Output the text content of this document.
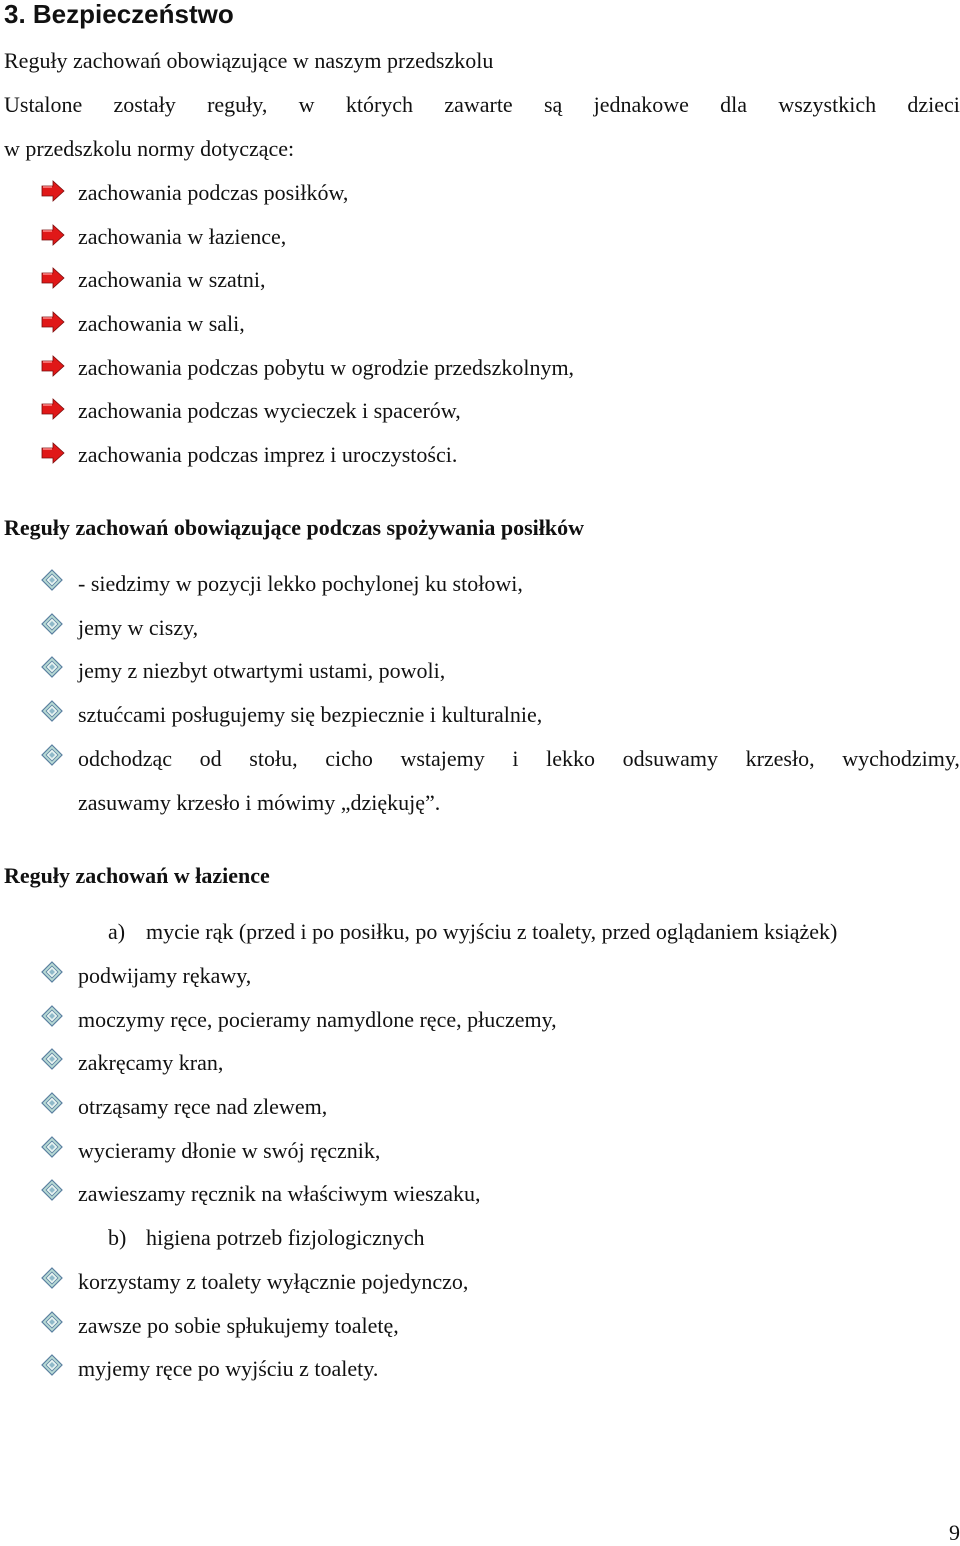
3. Bezpieczeństwo
Reguły zachowań obowiązujące w naszym przedszkolu
Ustalone zostały reguły, w których zawarte są jednakowe dla wszystkich dzieci
w przedszkolu normy dotyczące:
zachowania podczas posiłków,
zachowania w łazience,
zachowania w szatni,
zachowania w sali,
zachowania podczas pobytu w ogrodzie przedszkolnym,
zachowania podczas wycieczek i spacerów,
zachowania podczas imprez i uroczystości.
Reguły zachowań obowiązujące podczas spożywania posiłków
- siedzimy w pozycji lekko pochylonej ku stołowi,
jemy w ciszy,
jemy z niezbyt otwartymi ustami, powoli,
sztućcami posługujemy się bezpiecznie i kulturalnie,
odchodząc od stołu, cicho wstajemy i lekko odsuwamy krzesło, wychodzimy,
zasuwamy krzesło i mówimy „dziękuję”.
Reguły zachowań w łazience
a) mycie rąk (przed i po posiłku, po wyjściu z toalety, przed oglądaniem książek)
podwijamy rękawy,
moczymy ręce, pocieramy namydlone ręce, płuczemy,
zakręcamy kran,
otrząsamy ręce nad zlewem,
wycieramy dłonie w swój ręcznik,
zawieszamy ręcznik na właściwym wieszaku,
b) higiena potrzeb fizjologicznych
korzystamy z toalety wyłącznie pojedynczo,
zawsze po sobie spłukujemy toaletę,
myjemy ręce po wyjściu z toalety.
9
